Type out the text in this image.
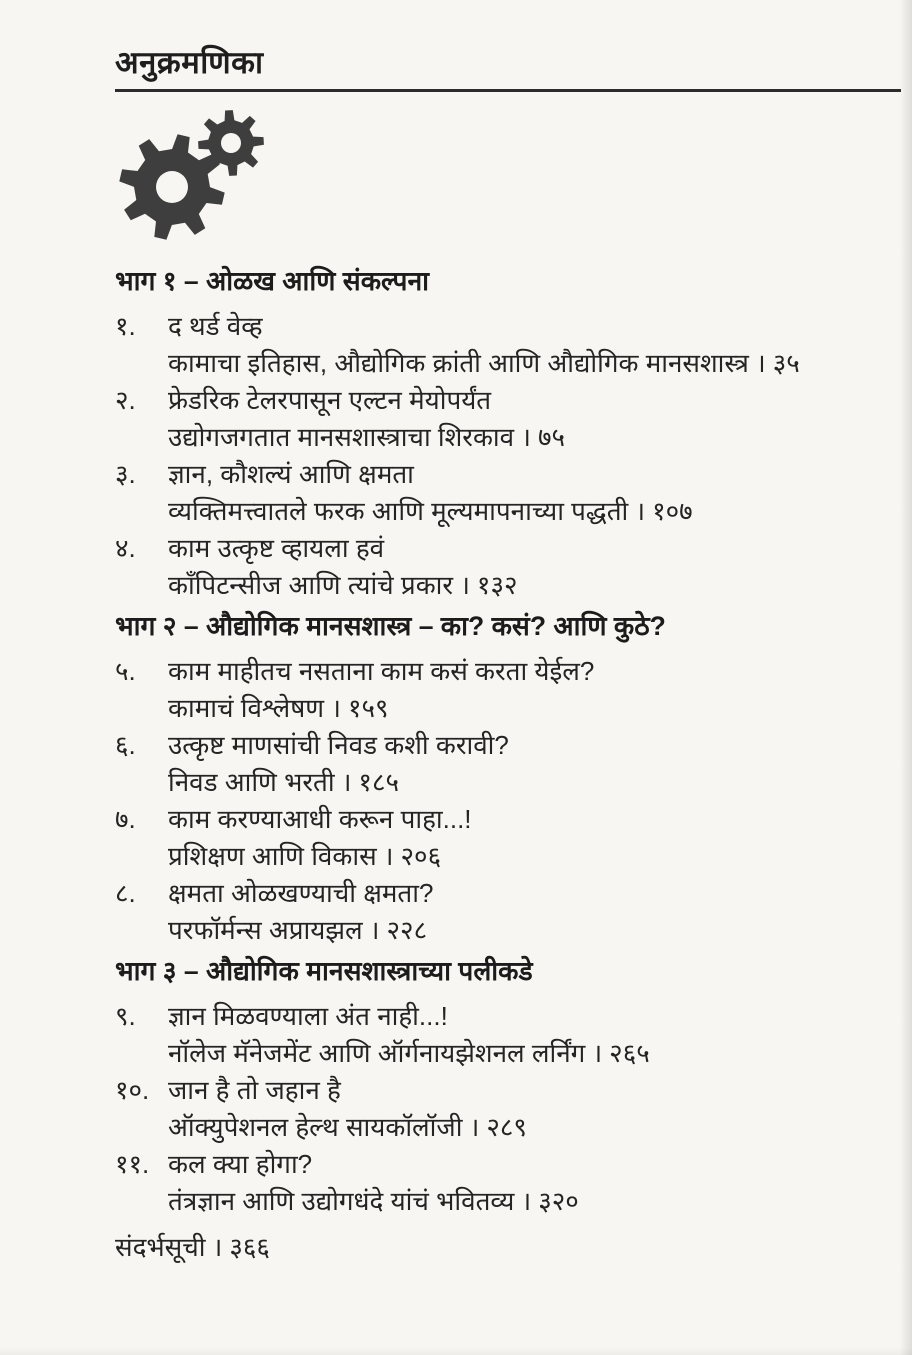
अनुक्रमणिका
भाग १ – ओळख आणि संकल्पना
१.	द थर्ड वेव्ह
कामाचा इतिहास, औद्योगिक क्रांती आणि औद्योगिक मानसशास्त्र । ३५
२.	फ्रेडरिक टेलरपासून एल्टन मेयोपर्यंत
उद्योगजगतात मानसशास्त्राचा शिरकाव । ७५
३.	ज्ञान, कौशल्यं आणि क्षमता
व्यक्तिमत्त्वातले फरक आणि मूल्यमापनाच्या पद्धती । १०७
४.	काम उत्कृष्ट व्हायला हवं
काँपिटन्सीज आणि त्यांचे प्रकार । १३२
भाग २ – औद्योगिक मानसशास्त्र – का? कसं? आणि कुठे?
५.	काम माहीतच नसताना काम कसं करता येईल?
कामाचं विश्लेषण । १५९
६.	उत्कृष्ट माणसांची निवड कशी करावी?
निवड आणि भरती । १८५
७.	काम करण्याआधी करून पाहा...!
प्रशिक्षण आणि विकास । २०६
८.	क्षमता ओळखण्याची क्षमता?
परफॉर्मन्स अप्रायझल । २२८
भाग ३ – औद्योगिक मानसशास्त्राच्या पलीकडे
९.	ज्ञान मिळवण्याला अंत नाही...!
नॉलेज मॅनेजमेंट आणि ऑर्गनायझेशनल लर्निंग । २६५
१०. जान है तो जहान है
ऑक्युपेशनल हेल्थ सायकॉलॉजी । २८९
११. कल क्या होगा?
तंत्रज्ञान आणि उद्योगधंदे यांचं भवितव्य । ३२०
संदर्भसूची । ३६६
